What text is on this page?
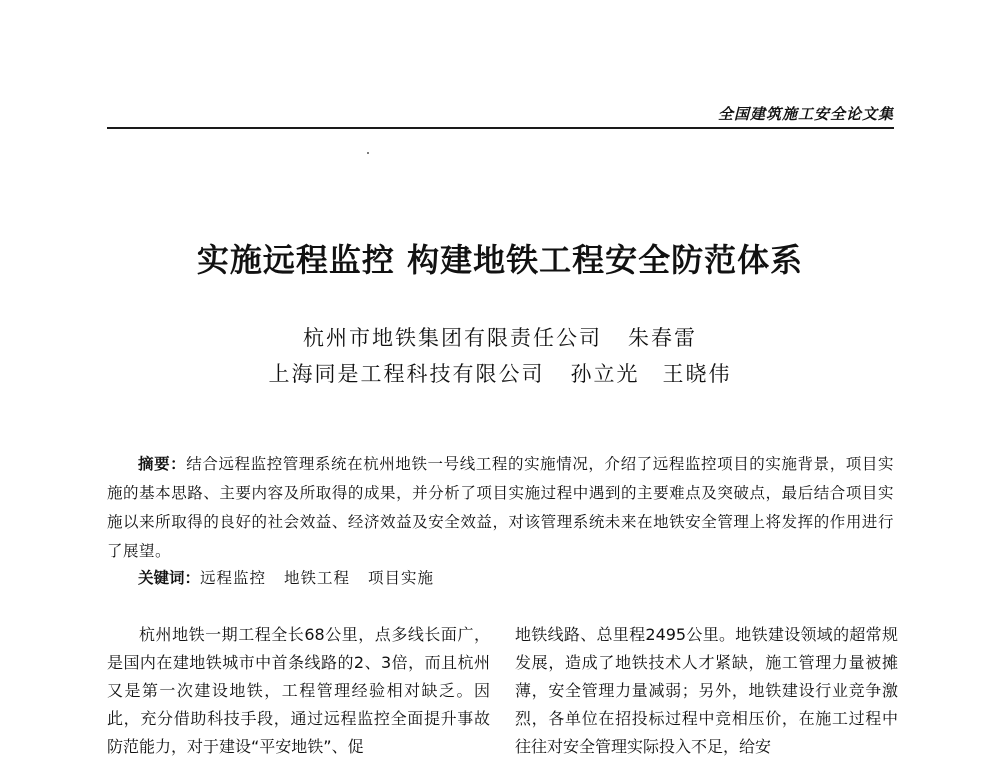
全国建筑施工安全论文集
实施远程监控 构建地铁工程安全防范体系
杭州市地铁集团有限责任公司 朱春雷
上海同是工程科技有限公司 孙立光　王晓伟
摘要：结合远程监控管理系统在杭州地铁一号线工程的实施情况，介绍了远程监控项目的实施背景，项目实施的基本思路、主要内容及所取得的成果，并分析了项目实施过程中遇到的主要难点及突破点，最后结合项目实施以来所取得的良好的社会效益、经济效益及安全效益，对该管理系统未来在地铁安全管理上将发挥的作用进行了展望。
关键词：远程监控 地铁工程 项目实施
杭州地铁一期工程全长68公里，点多线长面广，是国内在建地铁城市中首条线路的2、3倍，而且杭州又是第一次建设地铁，工程管理经验相对缺乏。因此，充分借助科技手段，通过远程监控全面提升事故防范能力，对于建设“平安地铁”、促
地铁线路、总里程2495公里。地铁建设领域的超常规发展，造成了地铁技术人才紧缺，施工管理力量被摊薄，安全管理力量减弱；另外，地铁建设行业竞争激烈，各单位在招投标过程中竞相压价，在施工过程中往往对安全管理实际投入不足，给安
